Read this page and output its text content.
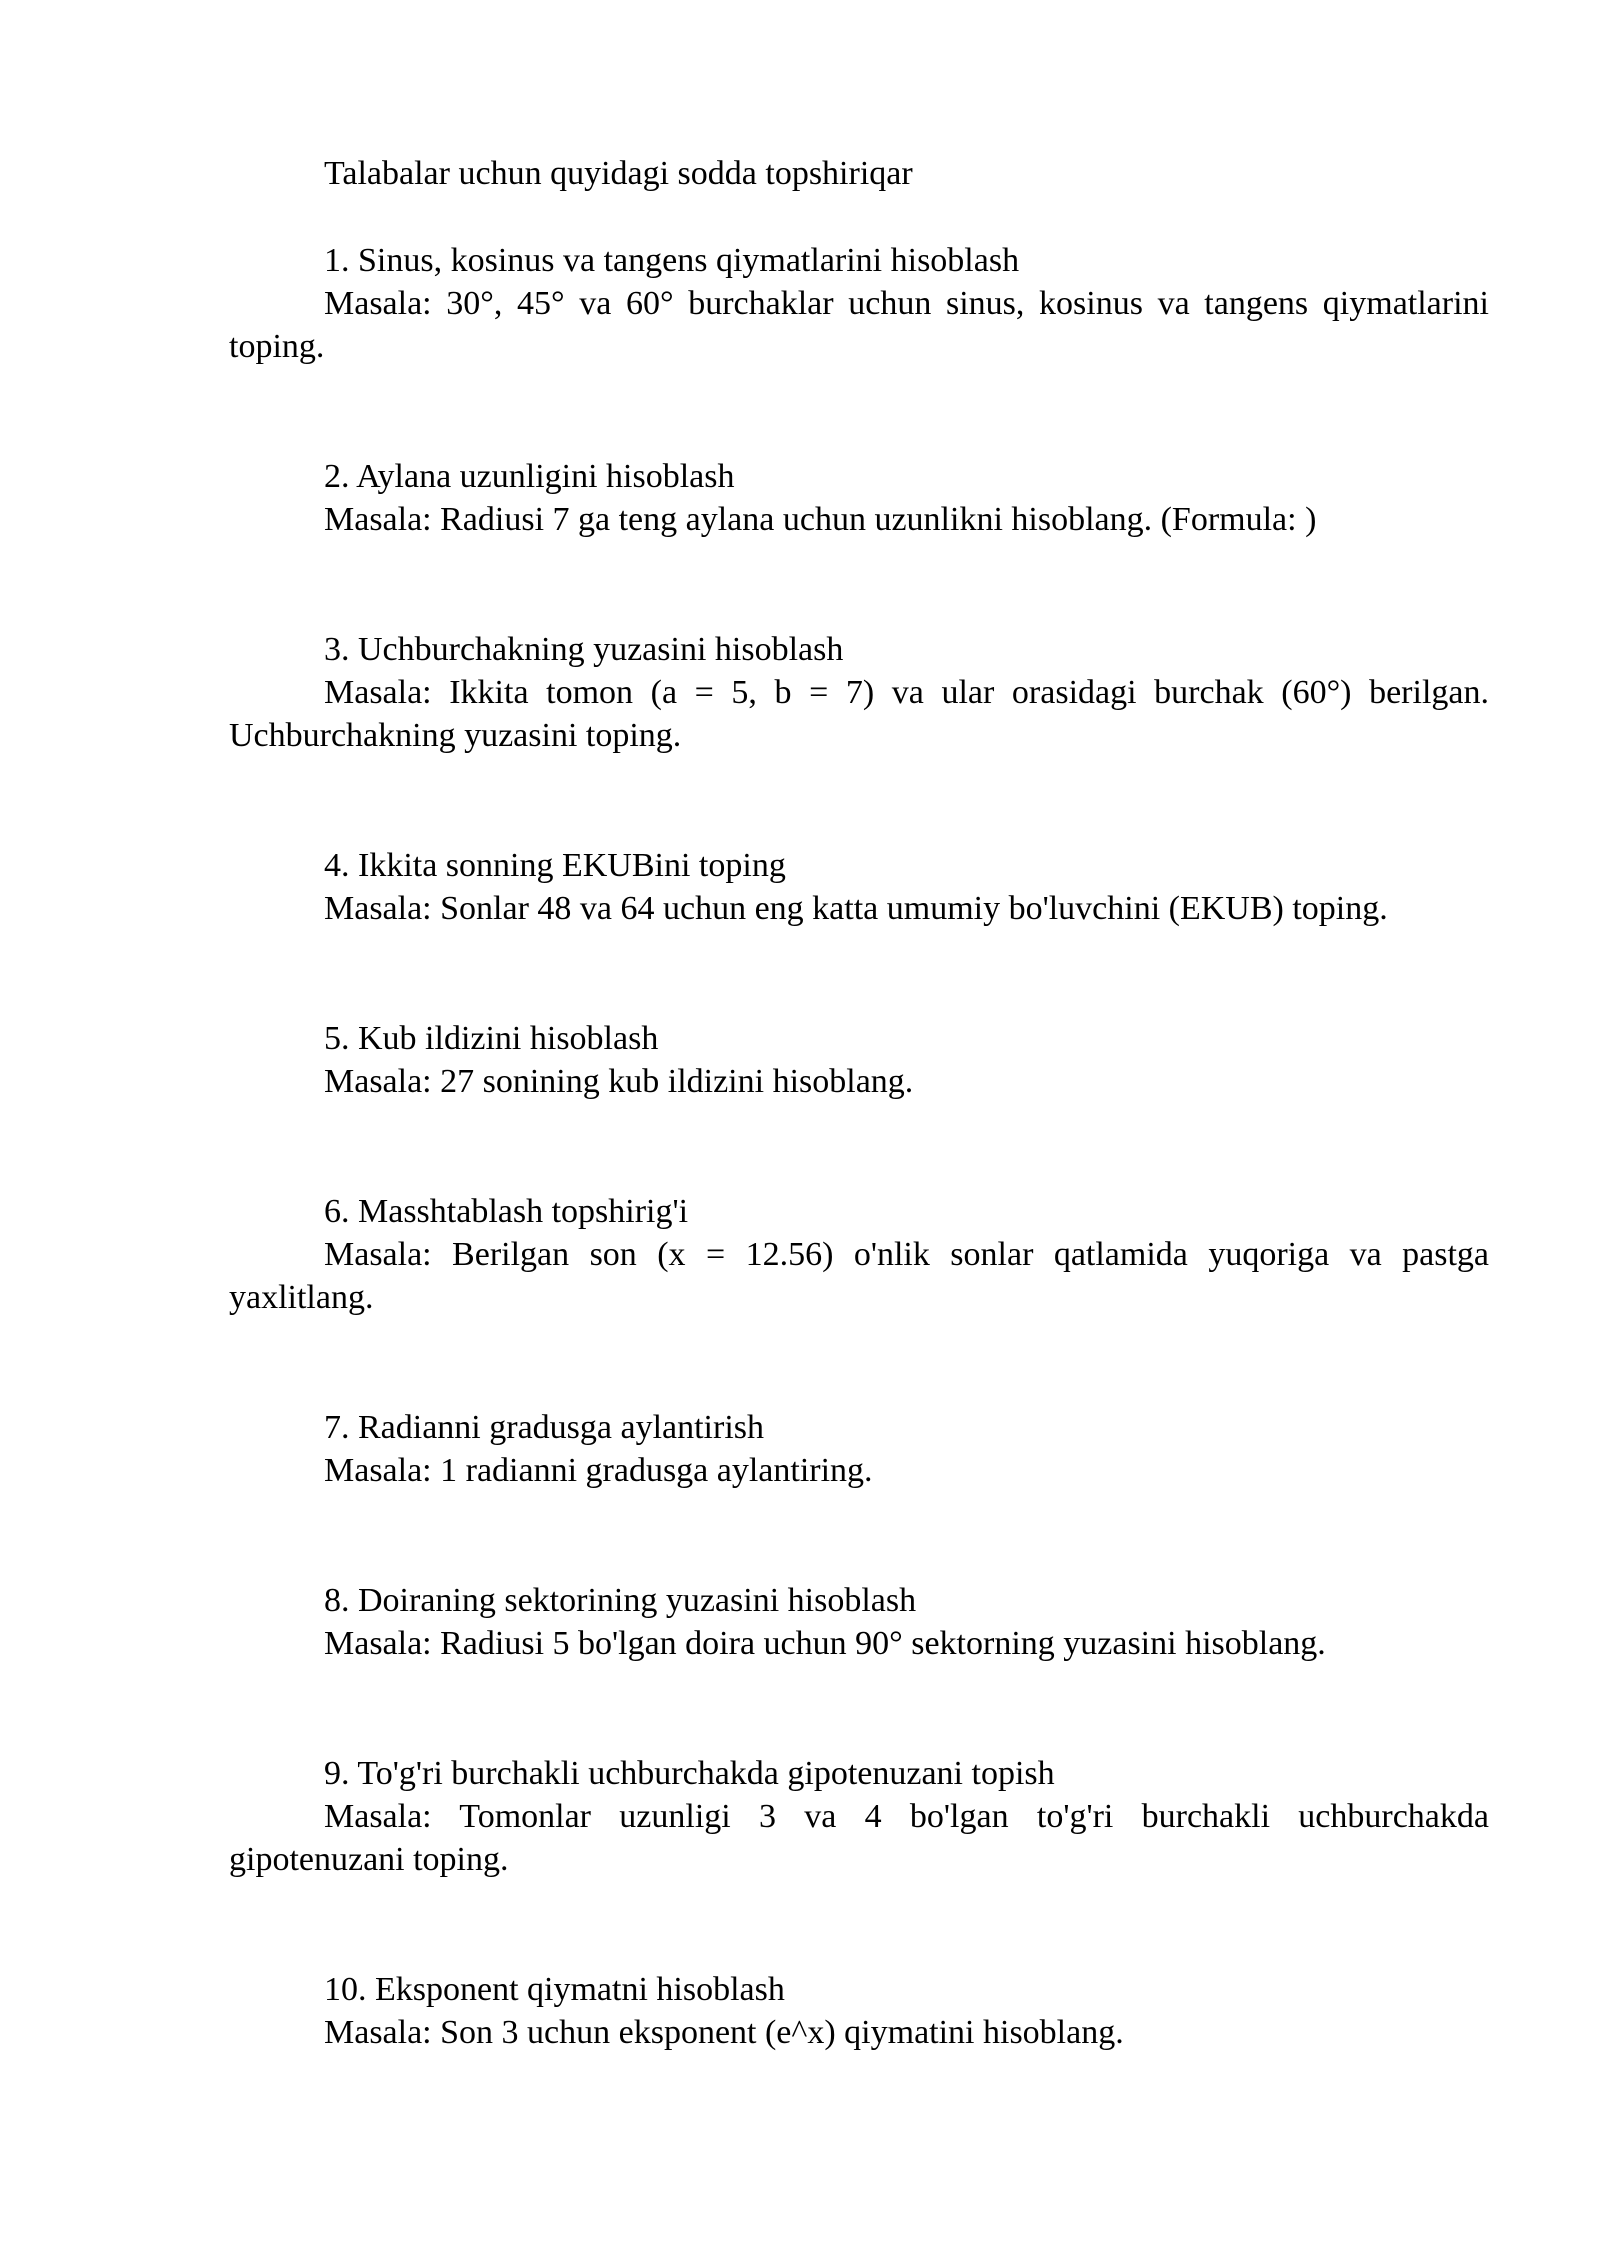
Talabalar uchun quyidagi sodda topshiriqar
1. Sinus, kosinus va tangens qiymatlarini hisoblash

Masala: 30°, 45° va 60° burchaklar uchun sinus, kosinus va tangens qiymatlarini toping.

2. Aylana uzunligini hisoblash

Masala: Radiusi 7 ga teng aylana uchun uzunlikni hisoblang. (Formula: )

3. Uchburchakning yuzasini hisoblash

Masala: Ikkita tomon (a = 5, b = 7) va ular orasidagi burchak (60°) berilgan. Uchburchakning yuzasini toping.

4. Ikkita sonning EKUBini toping

Masala: Sonlar 48 va 64 uchun eng katta umumiy bo'luvchini (EKUB) toping.

5. Kub ildizini hisoblash

Masala: 27 sonining kub ildizini hisoblang.

6. Masshtablash topshirig'i

Masala: Berilgan son (x = 12.56) o'nlik sonlar qatlamida yuqoriga va pastga yaxlitlang.

7. Radianni gradusga aylantirish

Masala: 1 radianni gradusga aylantiring.

8. Doiraning sektorining yuzasini hisoblash

Masala: Radiusi 5 bo'lgan doira uchun 90° sektorning yuzasini hisoblang.

9. To'g'ri burchakli uchburchakda gipotenuzani topish

Masala: Tomonlar uzunligi 3 va 4 bo'lgan to'g'ri burchakli uchburchakda gipotenuzani toping.

10. Eksponent qiymatni hisoblash

Masala: Son 3 uchun eksponent (e^x) qiymatini hisoblang.
